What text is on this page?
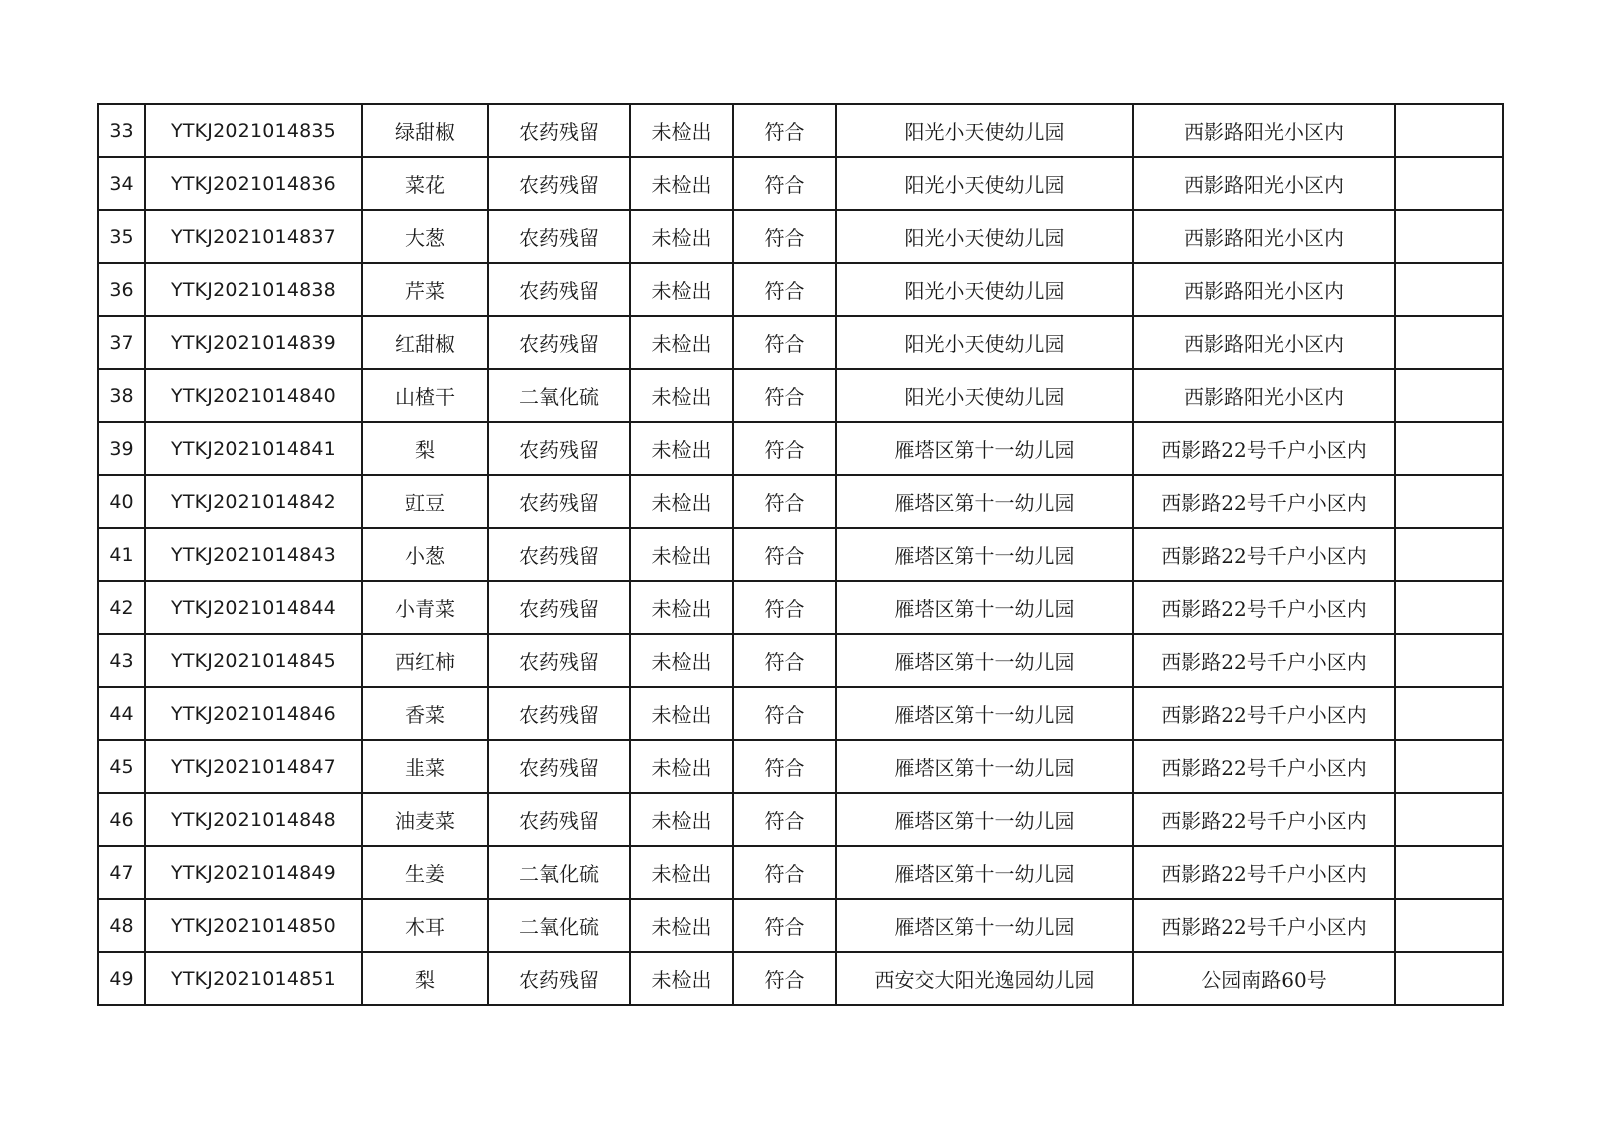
33	YTKJ2021014835	绿甜椒	农药残留	未检出	符合	阳光小天使幼儿园	西影路阳光小区内	
34	YTKJ2021014836	菜花	农药残留	未检出	符合	阳光小天使幼儿园	西影路阳光小区内	
35	YTKJ2021014837	大葱	农药残留	未检出	符合	阳光小天使幼儿园	西影路阳光小区内	
36	YTKJ2021014838	芹菜	农药残留	未检出	符合	阳光小天使幼儿园	西影路阳光小区内	
37	YTKJ2021014839	红甜椒	农药残留	未检出	符合	阳光小天使幼儿园	西影路阳光小区内	
38	YTKJ2021014840	山楂干	二氧化硫	未检出	符合	阳光小天使幼儿园	西影路阳光小区内	
39	YTKJ2021014841	梨	农药残留	未检出	符合	雁塔区第十一幼儿园	西影路22号千户小区内	
40	YTKJ2021014842	豇豆	农药残留	未检出	符合	雁塔区第十一幼儿园	西影路22号千户小区内	
41	YTKJ2021014843	小葱	农药残留	未检出	符合	雁塔区第十一幼儿园	西影路22号千户小区内	
42	YTKJ2021014844	小青菜	农药残留	未检出	符合	雁塔区第十一幼儿园	西影路22号千户小区内	
43	YTKJ2021014845	西红柿	农药残留	未检出	符合	雁塔区第十一幼儿园	西影路22号千户小区内	
44	YTKJ2021014846	香菜	农药残留	未检出	符合	雁塔区第十一幼儿园	西影路22号千户小区内	
45	YTKJ2021014847	韭菜	农药残留	未检出	符合	雁塔区第十一幼儿园	西影路22号千户小区内	
46	YTKJ2021014848	油麦菜	农药残留	未检出	符合	雁塔区第十一幼儿园	西影路22号千户小区内	
47	YTKJ2021014849	生姜	二氧化硫	未检出	符合	雁塔区第十一幼儿园	西影路22号千户小区内	
48	YTKJ2021014850	木耳	二氧化硫	未检出	符合	雁塔区第十一幼儿园	西影路22号千户小区内	
49	YTKJ2021014851	梨	农药残留	未检出	符合	西安交大阳光逸园幼儿园	公园南路60号	
